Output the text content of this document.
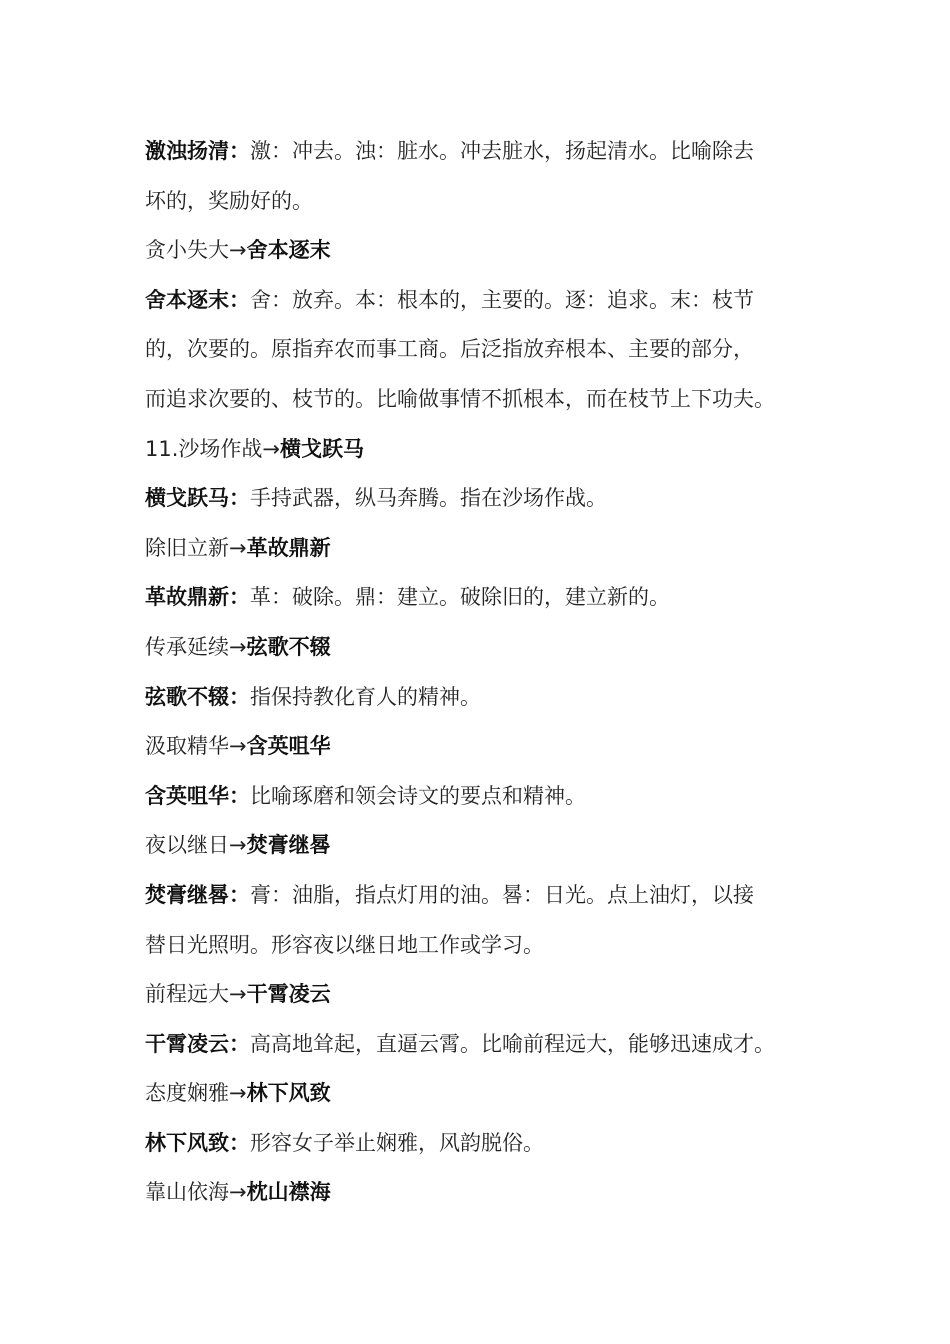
激浊扬清：激：冲去。浊：脏水。冲去脏水，扬起清水。比喻除去
坏的，奖励好的。
贪小失大→舍本逐末
舍本逐末：舍：放弃。本：根本的，主要的。逐：追求。末：枝节
的，次要的。原指弃农而事工商。后泛指放弃根本、主要的部分，
而追求次要的、枝节的。比喻做事情不抓根本，而在枝节上下功夫。
11.沙场作战→横戈跃马
横戈跃马：手持武器，纵马奔腾。指在沙场作战。
除旧立新→革故鼎新
革故鼎新：革：破除。鼎：建立。破除旧的，建立新的。
传承延续→弦歌不辍
弦歌不辍：指保持教化育人的精神。
汲取精华→含英咀华
含英咀华：比喻琢磨和领会诗文的要点和精神。
夜以继日→焚膏继晷
焚膏继晷：膏：油脂，指点灯用的油。晷：日光。点上油灯，以接
替日光照明。形容夜以继日地工作或学习。
前程远大→干霄凌云
干霄凌云：高高地耸起，直逼云霄。比喻前程远大，能够迅速成才。
态度娴雅→林下风致
林下风致：形容女子举止娴雅，风韵脱俗。
靠山依海→枕山襟海
